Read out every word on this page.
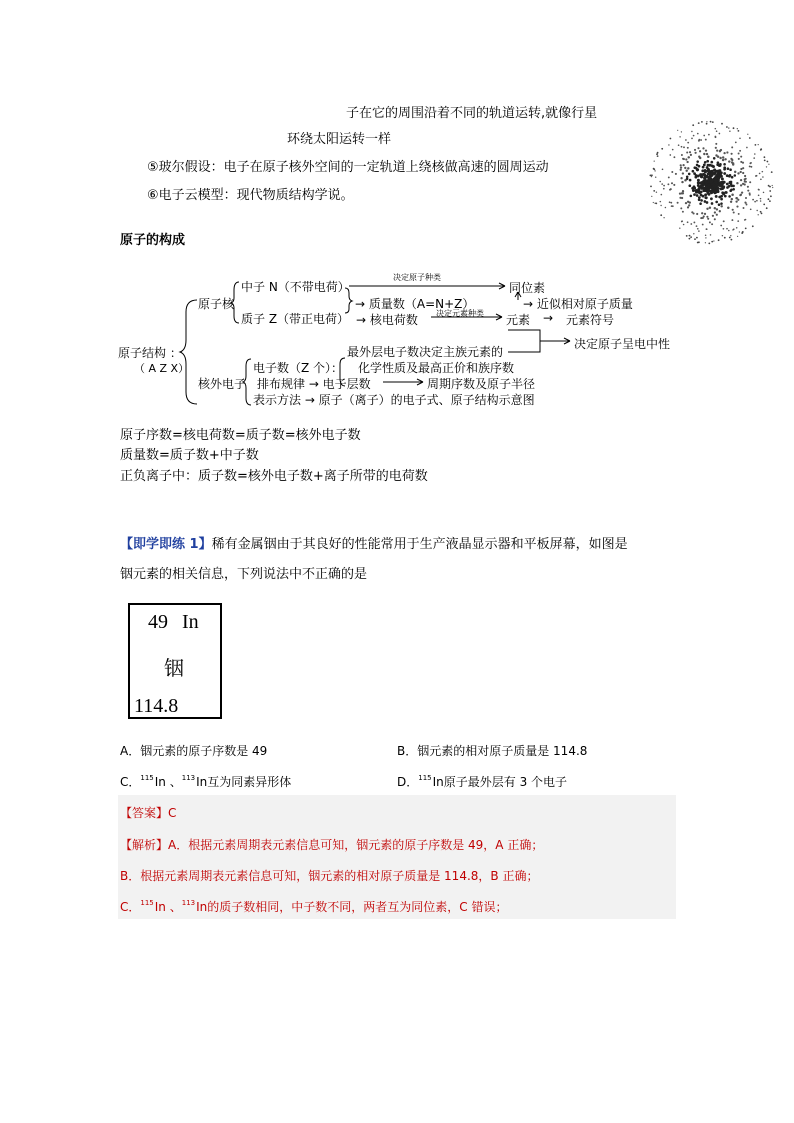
子在它的周围沿着不同的轨道运转,就像行星
环绕太阳运转一样
⑤玻尔假设：电子在原子核外空间的一定轨道上绕核做高速的圆周运动
⑥电子云模型：现代物质结构学说。
原子的构成
原子结构 ：
（ A Z X）
原子核
中子 N（不带电荷）
质子 Z（带正电荷）
决定原子种类
同位素
→ 质量数（A=N+Z）	→ 近似相对原子质量
→ 核电荷数 决定元素种类 元素 → 元素符号
决定原子呈电中性
核外电子
电子数（Z 个）：
最外层电子数决定主族元素的
化学性质及最高正价和族序数
排布规律 → 电子层数	周期序数及原子半径
表示方法 → 原子（离子）的电子式、原子结构示意图
原子序数=核电荷数=质子数=核外电子数
质量数=质子数+中子数
正负离子中：质子数=核外电子数+离子所带的电荷数
【即学即练 1】稀有金属铟由于其良好的性能常用于生产液晶显示器和平板屏幕，如图是
铟元素的相关信息，下列说法中不正确的是
49 In
铟
114.8
A．铟元素的原子序数是 49	B．铟元素的相对原子质量是 114.8
C．$^{115}$In 、$^{113}$In互为同素异形体	D．$^{115}$In原子最外层有 3 个电子
【答案】C
【解析】A．根据元素周期表元素信息可知，铟元素的原子序数是 49，A 正确；
B．根据元素周期表元素信息可知，铟元素的相对原子质量是 114.8，B 正确；
C．$^{115}$In 、$^{113}$In的质子数相同，中子数不同，两者互为同位素，C 错误；
